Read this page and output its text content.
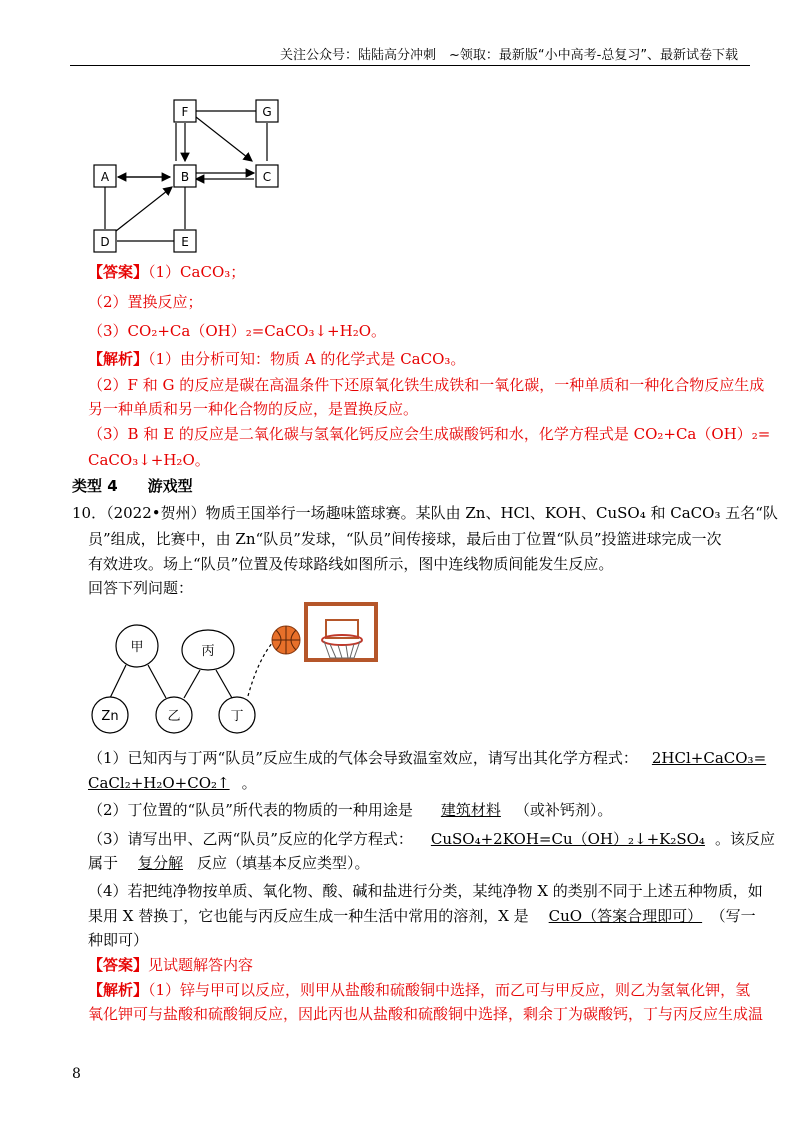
关注公众号：陆陆高分冲刺　~领取：最新版“小中高考-总复习”、最新试卷下载
F	G
A	B	C
D	E
【答案】（1）CaCO₃；
（2）置换反应；
（3）CO₂+Ca（OH）₂=CaCO₃↓+H₂O。
【解析】（1）由分析可知：物质 A 的化学式是 CaCO₃。
（2）F 和 G 的反应是碳在高温条件下还原氧化铁生成铁和一氧化碳，一种单质和一种化合物反应生成
另一种单质和另一种化合物的反应，是置换反应。
（3）B 和 E 的反应是二氧化碳与氢氧化钙反应会生成碳酸钙和水，化学方程式是 CO₂+Ca（OH）₂=
CaCO₃↓+H₂O。
类型 4　　游戏型
10．（2022•贺州）物质王国举行一场趣味篮球赛。某队由 Zn、HCl、KOH、CuSO₄ 和 CaCO₃ 五名“队
员”组成，比赛中，由 Zn“队员”发球，“队员”间传接球，最后由丁位置“队员”投篮进球完成一次
有效进攻。场上“队员”位置及传球路线如图所示，图中连线物质间能发生反应。
回答下列问题：
甲	丙
Zn	乙	丁
（1）已知丙与丁两“队员”反应生成的气体会导致温室效应，请写出其化学方程式： 2HCl+CaCO₃=
CaCl₂+H₂O+CO₂↑ 。
（2）丁位置的“队员”所代表的物质的一种用途是 建筑材料 （或补钙剂）。
（3）请写出甲、乙两“队员”反应的化学方程式： CuSO₄+2KOH=Cu（OH）₂↓+K₂SO₄ 。该反应
属于 复分解 反应（填基本反应类型）。
（4）若把纯净物按单质、氧化物、酸、碱和盐进行分类，某纯净物 X 的类别不同于上述五种物质，如
果用 X 替换丁，它也能与丙反应生成一种生活中常用的溶剂，X 是 CuO（答案合理即可） （写一
种即可）
【答案】见试题解答内容
【解析】（1）锌与甲可以反应，则甲从盐酸和硫酸铜中选择，而乙可与甲反应，则乙为氢氧化钾，氢
氧化钾可与盐酸和硫酸铜反应，因此丙也从盐酸和硫酸铜中选择，剩余丁为碳酸钙，丁与丙反应生成温
8
